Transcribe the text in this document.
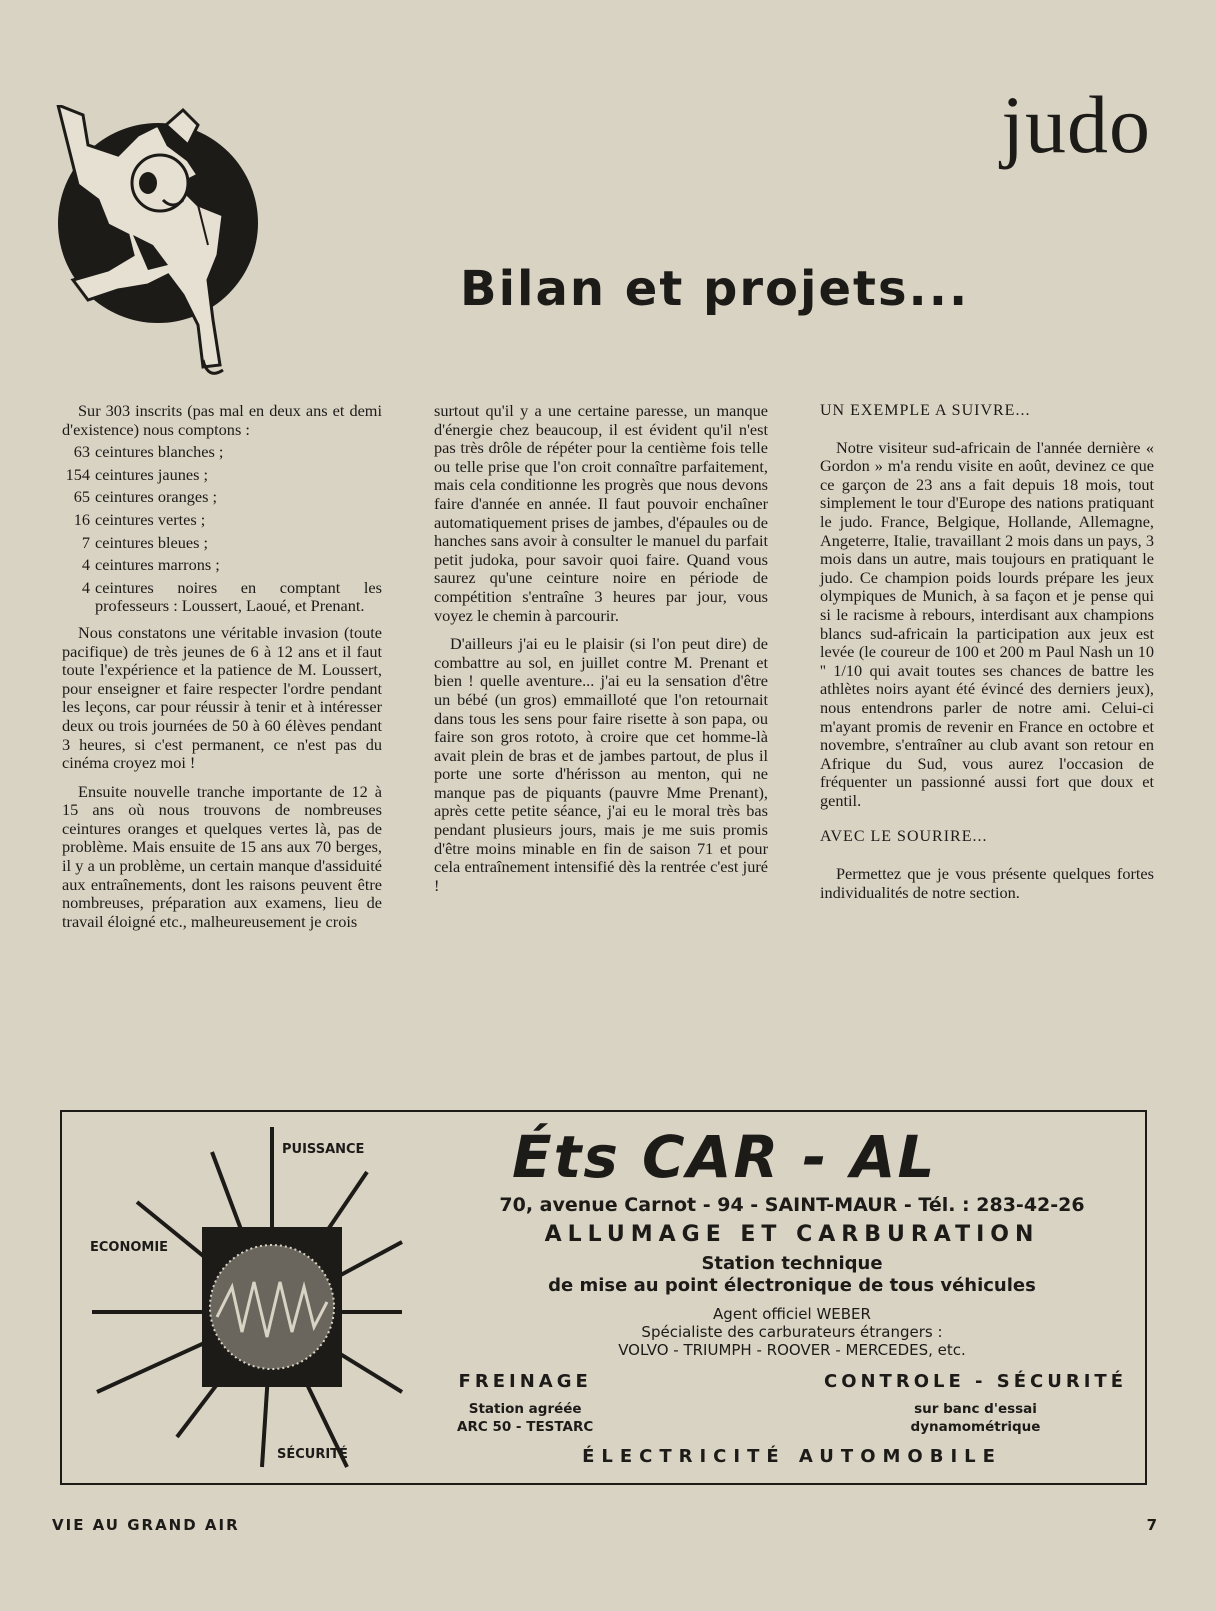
judo
Bilan et projets...

Sur 303 inscrits (pas mal en deux ans et demi d'existence) nous comptons :

63 ceintures blanches ;
154 ceintures jaunes ;
65 ceintures oranges ;
16 ceintures vertes ;
7 ceintures bleues ;
4 ceintures marrons ;
4 ceintures noires en comptant les professeurs : Loussert, Laoué, et Prenant.

Nous constatons une véritable invasion (toute pacifique) de très jeunes de 6 à 12 ans et il faut toute l'expérience et la patience de M. Loussert, pour enseigner et faire respecter l'ordre pendant les leçons, car pour réussir à tenir et à intéresser deux ou trois journées de 50 à 60 élèves pendant 3 heures, si c'est permanent, ce n'est pas du cinéma croyez moi !

Ensuite nouvelle tranche importante de 12 à 15 ans où nous trouvons de nombreuses ceintures oranges et quelques vertes là, pas de problème. Mais ensuite de 15 ans aux 70 berges, il y a un problème, un certain manque d'assiduité aux entraînements, dont les raisons peuvent être nombreuses, préparation aux examens, lieu de travail éloigné etc., malheureusement je crois

surtout qu'il y a une certaine paresse, un manque d'énergie chez beaucoup, il est évident qu'il n'est pas très drôle de répéter pour la centième fois telle ou telle prise que l'on croit connaître parfaitement, mais cela conditionne les progrès que nous devons faire d'année en année. Il faut pouvoir enchaîner automatiquement prises de jambes, d'épaules ou de hanches sans avoir à consulter le manuel du parfait petit judoka, pour savoir quoi faire. Quand vous saurez qu'une ceinture noire en période de compétition s'entraîne 3 heures par jour, vous voyez le chemin à parcourir.

D'ailleurs j'ai eu le plaisir (si l'on peut dire) de combattre au sol, en juillet contre M. Prenant et bien ! quelle aventure... j'ai eu la sensation d'être un bébé (un gros) emmailloté que l'on retournait dans tous les sens pour faire risette à son papa, ou faire son gros rototo, à croire que cet homme-là avait plein de bras et de jambes partout, de plus il porte une sorte d'hérisson au menton, qui ne manque pas de piquants (pauvre Mme Prenant), après cette petite séance, j'ai eu le moral très bas pendant plusieurs jours, mais je me suis promis d'être moins minable en fin de saison 71 et pour cela entraînement intensifié dès la rentrée c'est juré !

UN EXEMPLE A SUIVRE...

Notre visiteur sud-africain de l'année dernière « Gordon » m'a rendu visite en août, devinez ce que ce garçon de 23 ans a fait depuis 18 mois, tout simplement le tour d'Europe des nations pratiquant le judo. France, Belgique, Hollande, Allemagne, Angeterre, Italie, travaillant 2 mois dans un pays, 3 mois dans un autre, mais toujours en pratiquant le judo. Ce champion poids lourds prépare les jeux olympiques de Munich, à sa façon et je pense qui si le racisme à rebours, interdisant aux champions blancs sud-africain la participation aux jeux est levée (le coureur de 100 et 200 m Paul Nash un 10 '' 1/10 qui avait toutes ses chances de battre les athlètes noirs ayant été évincé des derniers jeux), nous entendrons parler de notre ami. Celui-ci m'ayant promis de revenir en France en octobre et novembre, s'entraîner au club avant son retour en Afrique du Sud, vous aurez l'occasion de fréquenter un passionné aussi fort que doux et gentil.

AVEC LE SOURIRE...

Permettez que je vous présente quelques fortes individualités de notre section.

PUISSANCE
ECONOMIE
SÉCURITÉ
Éts CAR - AL
70, avenue Carnot - 94 - SAINT-MAUR - Tél. : 283-42-26
ALLUMAGE ET CARBURATION
Station technique
de mise au point électronique de tous véhicules
Agent officiel WEBER
Spécialiste des carburateurs étrangers :
VOLVO - TRIUMPH - ROOVER - MERCEDES, etc.
FREINAGE
Station agréée
ARC 50 - TESTARC
CONTROLE - SÉCURITÉ
sur banc d'essai
dynamométrique
ÉLECTRICITÉ AUTOMOBILE
VIE AU GRAND AIR	7
